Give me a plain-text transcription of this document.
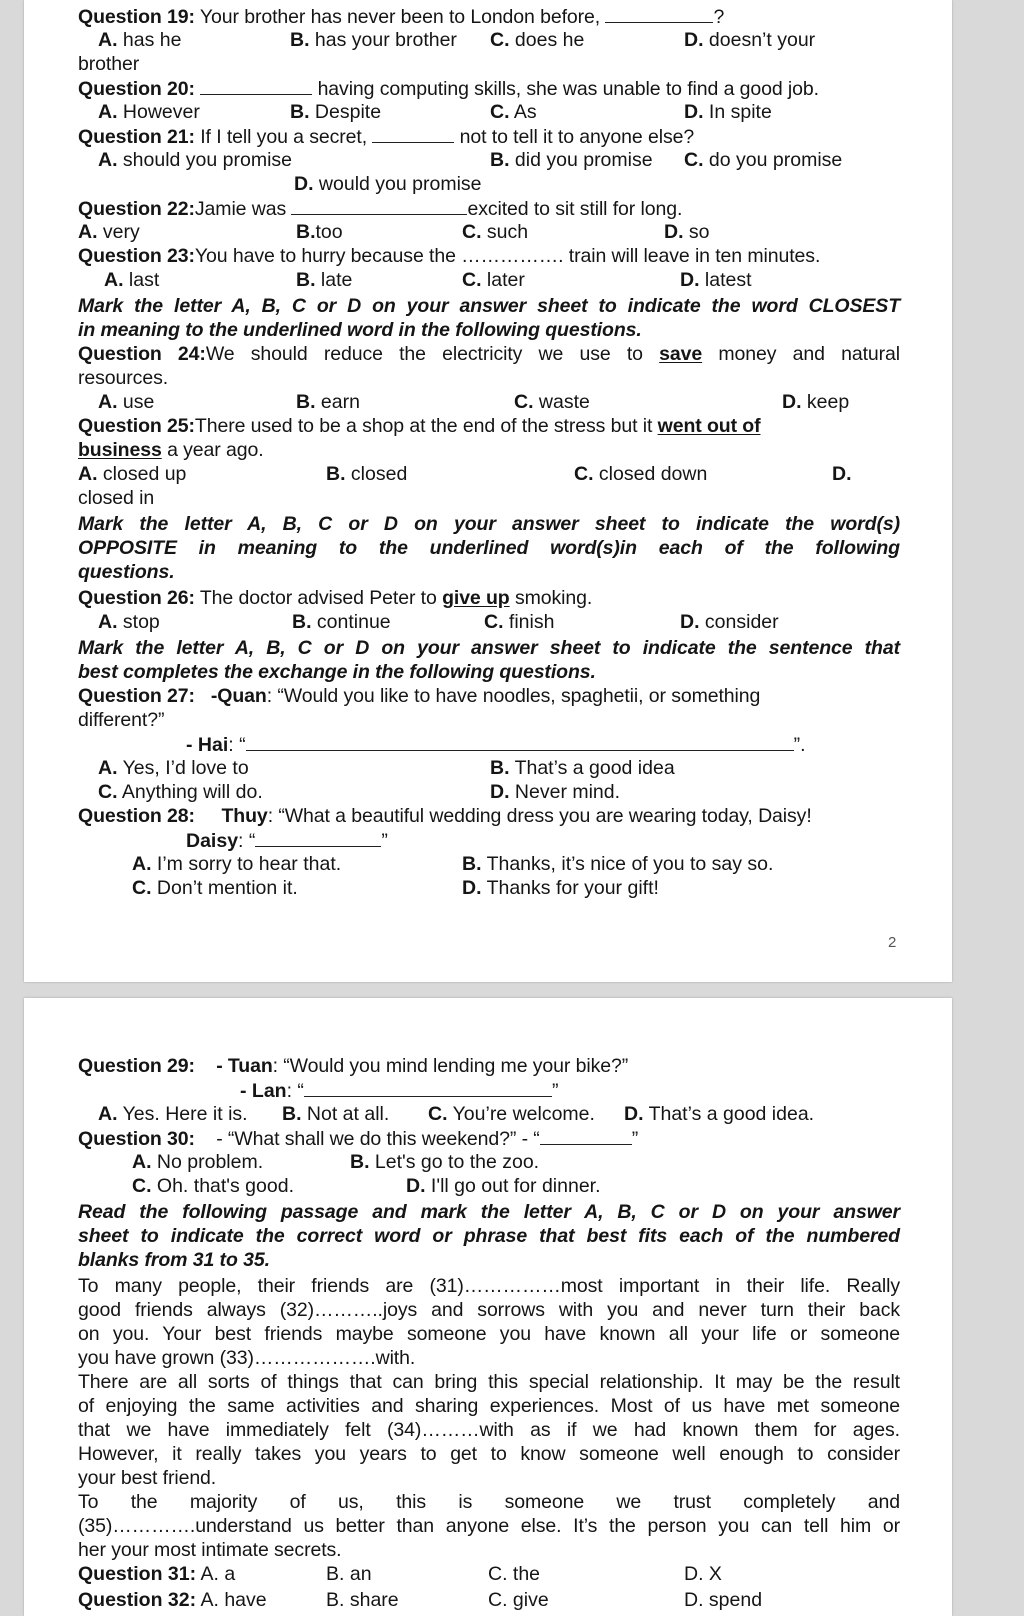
Question 19: Your brother has never been to London before,	?

A. has he	B. has your brother C. does he	D. doesn’t your

brother

Question 20:	having computing skills, she was unable to find a good job.

A. However	B. Despite	C. As	D. In spite

Question 21: If I tell you a secret,	not to tell it to anyone else?

A. should you promise	B. did you promise C. do you promise

D. would you promise

Question 22:Jamie was	excited to sit still for long.

A. very	B.too	C. such	D. so

Question 23:You have to hurry because the ……………. train will leave in ten minutes.

A. last	B. late	C. later	D. latest

Mark the letter A, B, C or D on your answer sheet to indicate the word CLOSEST

in meaning to the underlined word in the following questions.

Question 24:We should reduce the electricity we use to save money and natural

resources.

A. use	B. earn	C. waste	D. keep

Question 25:There used to be a shop at the end of the stress but it went out of

business a year ago.

A. closed up	B. closed	C. closed down	D.

closed in

Mark the letter A, B, C or D on your answer sheet to indicate the word(s)

OPPOSITE in meaning to the underlined word(s)in each of the following

questions.

Question 26: The doctor advised Peter to give up smoking.

A. stop	B. continue	C. finish	D. consider

Mark the letter A, B, C or D on your answer sheet to indicate the sentence that

best completes the exchange in the following questions.

Question 27: -Quan: “Would you like to have noodles, spaghetii, or something

different?”

- Hai: “	”.

A. Yes, I’d love to	B. That’s a good idea

C. Anything will do.	D. Never mind.

Question 28: Thuy: “What a beautiful wedding dress you are wearing today, Daisy!

Daisy: “	”

A. I’m sorry to hear that.	B. Thanks, it’s nice of you to say so.

C. Don’t mention it.	D. Thanks for your gift!

2

Question 29: - Tuan: “Would you mind lending me your bike?”

- Lan: “	”

A. Yes. Here it is. B. Not at all. C. You’re welcome. D. That’s a good idea.

Question 30: - “What shall we do this weekend?” - “	”

A. No problem.	B. Let's go to the zoo.

C. Oh. that's good.	D. I'll go out for dinner.

Read the following passage and mark the letter A, B, C or D on your answer

sheet to indicate the correct word or phrase that best fits each of the numbered

blanks from 31 to 35.

To many people, their friends are (31)……………most important in their life. Really

good friends always (32)………..joys and sorrows with you and never turn their back

on you. Your best friends maybe someone you have known all your life or someone

you have grown (33)……………….with.

There are all sorts of things that can bring this special relationship. It may be the result

of enjoying the same activities and sharing experiences. Most of us have met someone

that we have immediately felt (34)………with as if we had known them for ages.

However, it really takes you years to get to know someone well enough to consider

your best friend.

To the majority of us, this is someone we trust completely and

(35)………….understand us better than anyone else. It’s the person you can tell him or

her your most intimate secrets.

Question 31: A. a	B. an	C. the	D. X

Question 32: A. have	B. share	C. give	D. spend
